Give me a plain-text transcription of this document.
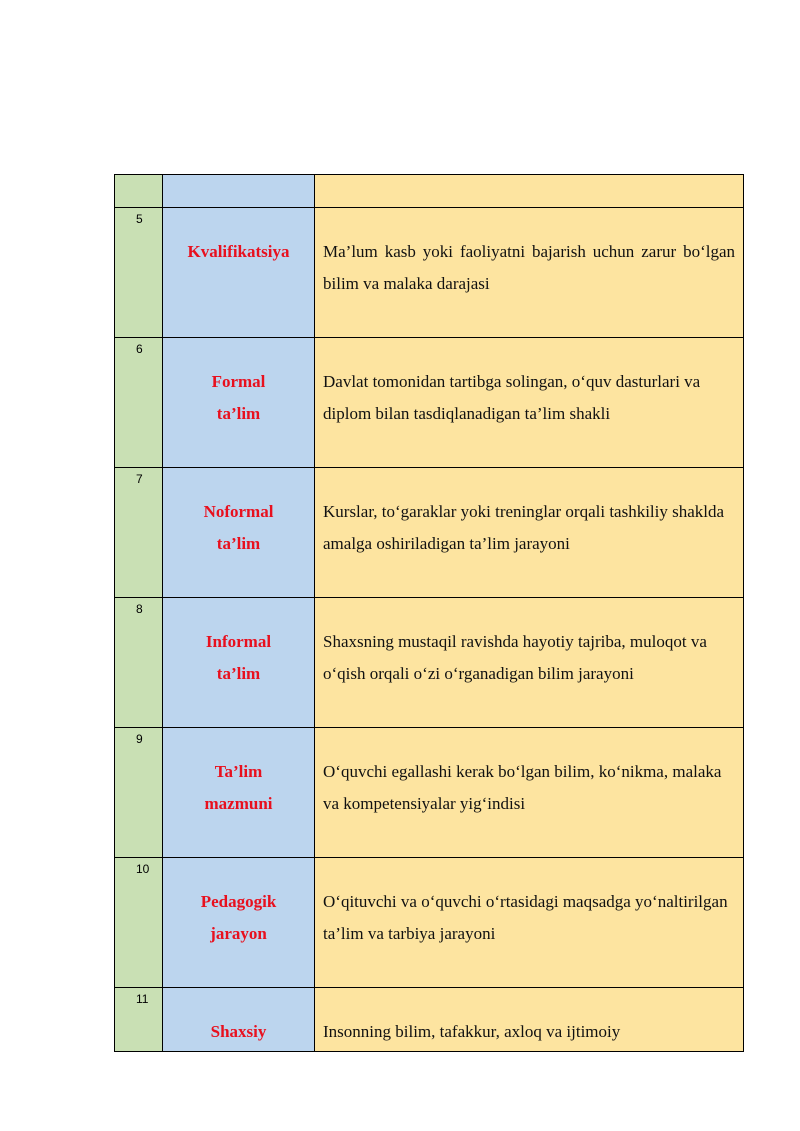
5
Kvalifikatsiya	Ma’lum kasb yoki faoliyatni bajarish uchun zarur bo‘lgan bilim va malaka darajasi
6
Formal ta’lim
Davlat tomonidan tartibga solingan, o‘quv dasturlari va diplom bilan tasdiqlanadigan ta’lim shakli
7
Noformal ta’lim
Kurslar, to‘garaklar yoki treninglar orqali tashkiliy shaklda amalga oshiriladigan ta’lim jarayoni
8
Informal ta’lim
Shaxsning mustaqil ravishda hayotiy tajriba, muloqot va o‘qish orqali o‘zi o‘rganadigan bilim jarayoni
9
Ta’lim mazmuni
O‘quvchi egallashi kerak bo‘lgan bilim, ko‘nikma, malaka va kompetensiyalar yig‘indisi
10
Pedagogik jarayon
O‘qituvchi va o‘quvchi o‘rtasidagi maqsadga yo‘naltirilgan ta’lim va tarbiya jarayoni
11
Shaxsiy	Insonning bilim, tafakkur, axloq va ijtimoiy
